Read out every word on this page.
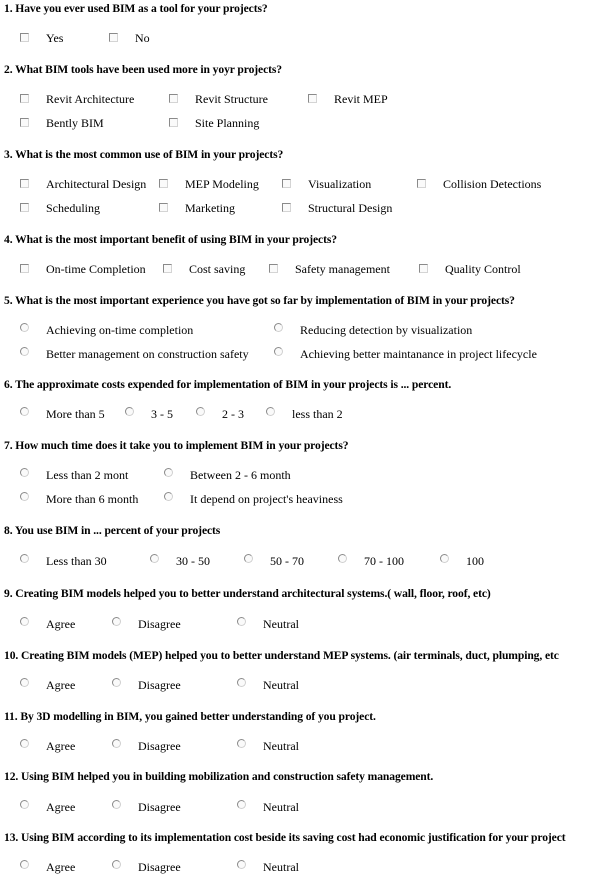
1. Have you ever used BIM as a tool for your projects?
Yes	No
2. What BIM tools have been used more in yoyr projects?
Revit Architecture	Revit Structure	Revit MEP
Bently BIM	Site Planning
3. What is the most common use of BIM in your projects?
Architectural Design	MEP Modeling	Visualization	Collision Detections
Scheduling	Marketing	Structural Design
4. What is the most important benefit of using BIM in your projects?
On-time Completion	Cost saving	Safety management	Quality Control
5. What is the most important experience you have got so far by implementation of BIM in your projects?
Achieving on-time completion	Reducing detection by visualization
Better management on construction safety	Achieving better maintanance in project lifecycle
6. The approximate costs expended for implementation of BIM in your projects is ... percent.
More than 5	3 - 5	2 - 3	less than 2
7. How much time does it take you to implement BIM in your projects?
Less than 2 mont	Between 2 - 6 month
More than 6 month	It depend on project's heaviness
8. You use BIM in ... percent of your projects
Less than 30	30 - 50	50 - 70	70 - 100	100
9. Creating BIM models helped you to better understand architectural systems.( wall, floor, roof, etc)
Agree	Disagree	Neutral
10. Creating BIM models (MEP) helped you to better understand MEP systems. (air terminals, duct, plumping, etc
Agree	Disagree	Neutral
11. By 3D modelling in BIM, you gained better understanding of you project.
Agree	Disagree	Neutral
12. Using BIM helped you in building mobilization and construction safety management.
Agree	Disagree	Neutral
13. Using BIM according to its implementation cost beside its saving cost had economic justification for your project
Agree	Disagree	Neutral
